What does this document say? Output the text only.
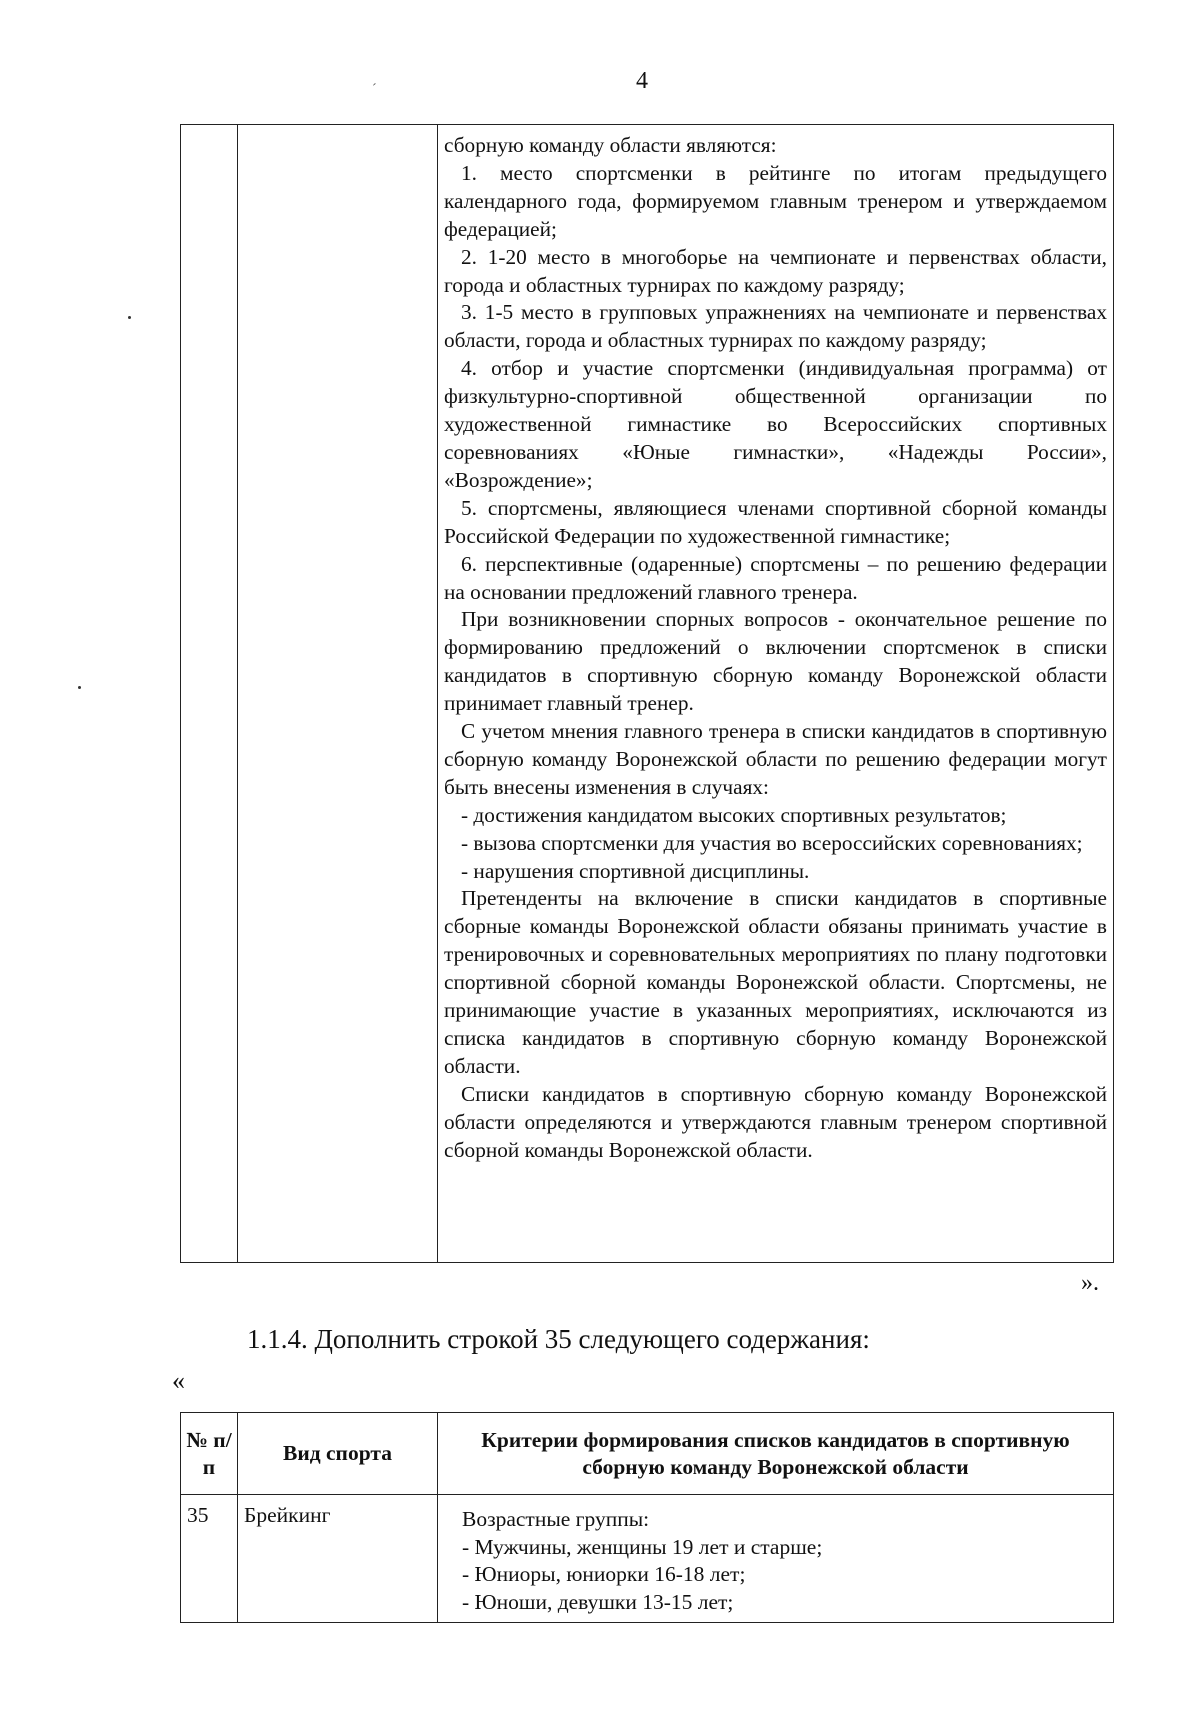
4
´

сборную команду области являются:

1. место спортсменки в рейтинге по итогам предыдущего календарного года, формируемом главным тренером и утверждаемом федерацией;

2. 1-20 место в многоборье на чемпионате и первенствах области, города и областных турнирах по каждому разряду;

3. 1-5 место в групповых упражнениях на чемпионате и первенствах области, города и областных турнирах по каждому разряду;

4. отбор и участие спортсменки (индивидуальная программа) от физкультурно-спортивной общественной организации по художественной гимнастике во Всероссийских спортивных соревнованиях «Юные гимнастки», «Надежды России», «Возрождение»;

5. спортсмены, являющиеся членами спортивной сборной команды Российской Федерации по художественной гимнастике;

6. перспективные (одаренные) спортсмены – по решению федерации на основании предложений главного тренера.

При возникновении спорных вопросов - окончательное решение по формированию предложений о включении спортсменок в списки кандидатов в спортивную сборную команду Воронежской области принимает главный тренер.

С учетом мнения главного тренера в списки кандидатов в спортивную сборную команду Воронежской области по решению федерации могут быть внесены изменения в случаях:

- достижения кандидатом высоких спортивных результатов;

- вызова спортсменки для участия во всероссийских соревнованиях;

- нарушения спортивной дисциплины.

Претенденты на включение в списки кандидатов в спортивные сборные команды Воронежской области обязаны принимать участие в тренировочных и соревновательных мероприятиях по плану подготовки спортивной сборной команды Воронежской области. Спортсмены, не принимающие участие в указанных мероприятиях, исключаются из списка кандидатов в спортивную сборную команду Воронежской области.

Списки кандидатов в спортивную сборную команду Воронежской области определяются и утверждаются главным тренером спортивной сборной команды Воронежской области.

».
1.1.4. Дополнить строкой 35 следующего содержания:
«
№ п/п	Вид спорта	Критерии формирования списков кандидатов в спортивную сборную команду Воронежской области
35	Брейкинг	Возрастные группы:
- Мужчины, женщины 19 лет и старше;
- Юниоры, юниорки 16-18 лет;
- Юноши, девушки 13-15 лет;
